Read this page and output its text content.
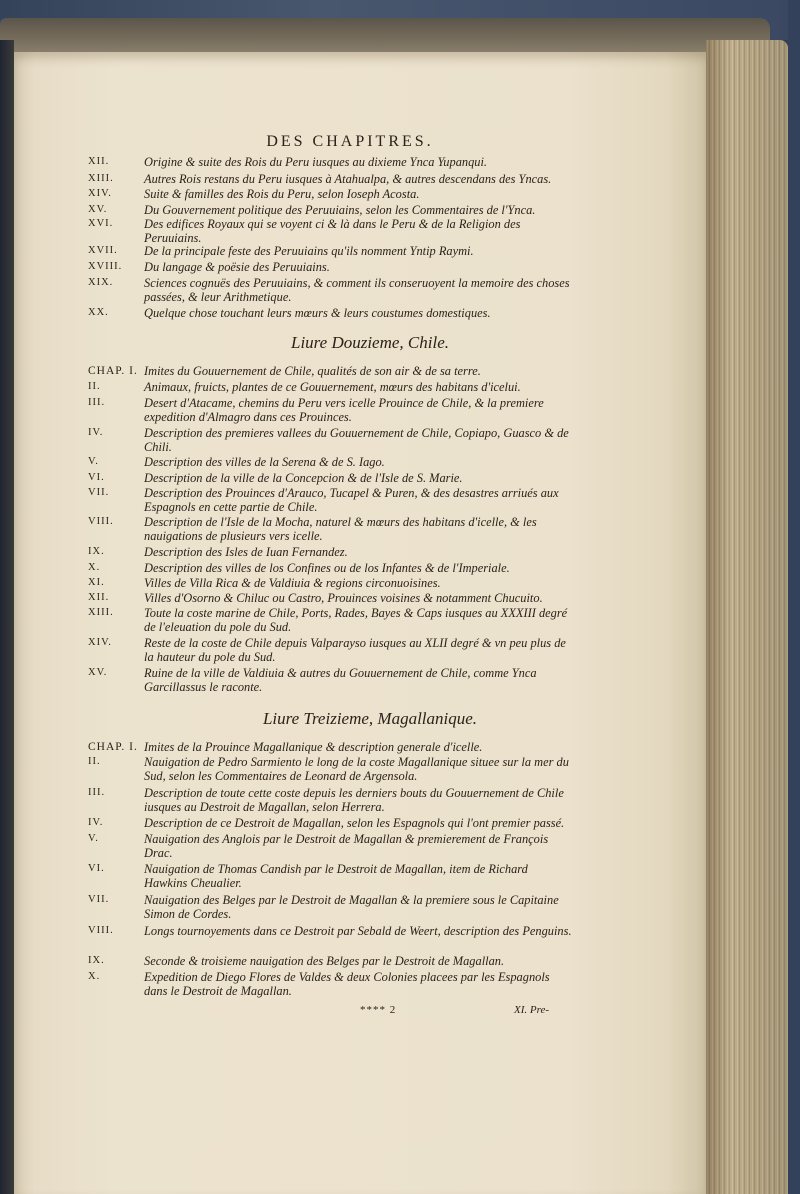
DES CHAPITRES.
XII.	Origine & suite des Rois du Peru iusques au dixieme Ynca Yupanqui.
XIII.	Autres Rois restans du Peru iusques à Atahualpa, & autres descendans des Yncas.
XIV.	Suite & familles des Rois du Peru, selon Ioseph Acosta.
XV.	Du Gouvernement politique des Peruuiains, selon les Commentaires de l'Ynca.
XVI.	Des edifices Royaux qui se voyent ci & là dans le Peru & de la Religion des Peruuiains.
XVII.	De la principale feste des Peruuiains qu'ils nomment Yntip Raymi.
XVIII.	Du langage & poësie des Peruuiains.
XIX.	Sciences cognuës des Peruuiains, & comment ils conseruoyent la memoire des choses passées, & leur Arithmetique.
XX.	Quelque chose touchant leurs mœurs & leurs coustumes domestiques.
Liure Douzieme, Chile.
CHAP. I. Imites du Gouuernement de Chile, qualités de son air & de sa terre.
II.	Animaux, fruicts, plantes de ce Gouuernement, mœurs des habitans d'icelui.
III.	Desert d'Atacame, chemins du Peru vers icelle Prouince de Chile, & la premiere expedition d'Almagro dans ces Prouinces.
IV.	Description des premieres vallees du Gouuernement de Chile, Copiapo, Guasco & de Chili.
V.	Description des villes de la Serena & de S. Iago.
VI.	Description de la ville de la Concepcion & de l'Isle de S. Marie.
VII.	Description des Prouinces d'Arauco, Tucapel & Puren, & des desastres arriués aux Espagnols en cette partie de Chile.
VIII.	Description de l'Isle de la Mocha, naturel & mœurs des habitans d'icelle, & les nauigations de plusieurs vers icelle.
IX.	Description des Isles de Iuan Fernandez.
X.	Description des villes de los Confines ou de los Infantes & de l'Imperiale.
XI.	Villes de Villa Rica & de Valdiuia & regions circonuoisines.
XII.	Villes d'Osorno & Chiluc ou Castro, Prouinces voisines & notamment Chucuito.
XIII.	Toute la coste marine de Chile, Ports, Rades, Bayes & Caps iusques au XXXIII degré de l'eleuation du pole du Sud.
XIV.	Reste de la coste de Chile depuis Valparayso iusques au XLII degré & vn peu plus de la hauteur du pole du Sud.
XV.	Ruine de la ville de Valdiuia & autres du Gouuernement de Chile, comme Ynca Garcillassus le raconte.
Liure Treizieme, Magallanique.
CHAP. I. Imites de la Prouince Magallanique & description generale d'icelle.
II.	Nauigation de Pedro Sarmiento le long de la coste Magallanique situee sur la mer du Sud, selon les Commentaires de Leonard de Argensola.
III.	Description de toute cette coste depuis les derniers bouts du Gouuernement de Chile iusques au Destroit de Magallan, selon Herrera.
IV.	Description de ce Destroit de Magallan, selon les Espagnols qui l'ont premier passé.
V.	Nauigation des Anglois par le Destroit de Magallan & premierement de François Drac.
VI.	Nauigation de Thomas Candish par le Destroit de Magallan, item de Richard Hawkins Cheualier.
VII.	Nauigation des Belges par le Destroit de Magallan & la premiere sous le Capitaine Simon de Cordes.
VIII.	Longs tournoyements dans ce Destroit par Sebald de Weert, description des Penguins.
IX.	Seconde & troisieme nauigation des Belges par le Destroit de Magallan.
X.	Expedition de Diego Flores de Valdes & deux Colonies placees par les Espagnols dans le Destroit de Magallan.
**** 2	XI. Pre-
